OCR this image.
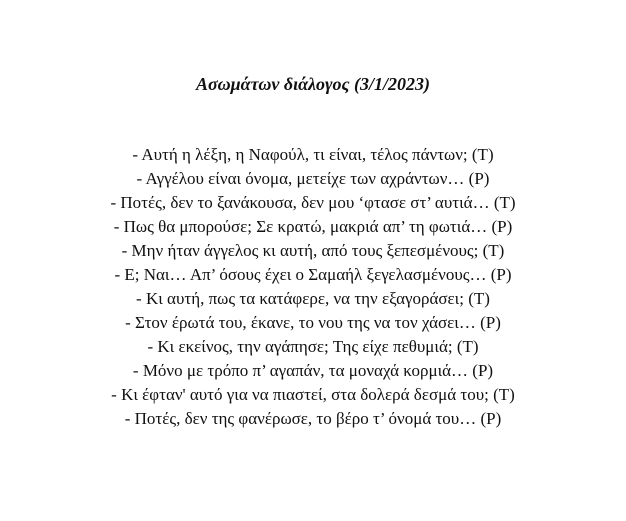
Ασωμάτων διάλογος (3/1/2023)
- Αυτή η λέξη, η Ναφούλ, τι είναι, τέλος πάντων; (Τ)
- Αγγέλου είναι όνομα, μετείχε των αχράντων… (Ρ)
- Ποτές, δεν το ξανάκουσα, δεν μου ‘φτασε στ’ αυτιά… (Τ)
- Πως θα μπορούσε; Σε κρατώ, μακριά απ’ τη φωτιά… (Ρ)
- Μην ήταν άγγελος κι αυτή, από τους ξεπεσμένους; (Τ)
- Ε; Ναι… Απ’ όσους έχει ο Σαμαήλ ξεγελασμένους… (Ρ)
- Κι αυτή, πως τα κατάφερε, να την εξαγοράσει; (Τ)
- Στον έρωτά του, έκανε, το νου της να τον χάσει… (Ρ)
- Κι εκείνος, την αγάπησε; Της είχε πεθυμιά; (Τ)
- Μόνο με τρόπο π’ αγαπάν, τα μοναχά κορμιά… (Ρ)
- Κι έφταν' αυτό για να πιαστεί, στα δολερά δεσμά του; (Τ)
- Ποτές, δεν της φανέρωσε, το βέρο τ’ όνομά του… (Ρ)
